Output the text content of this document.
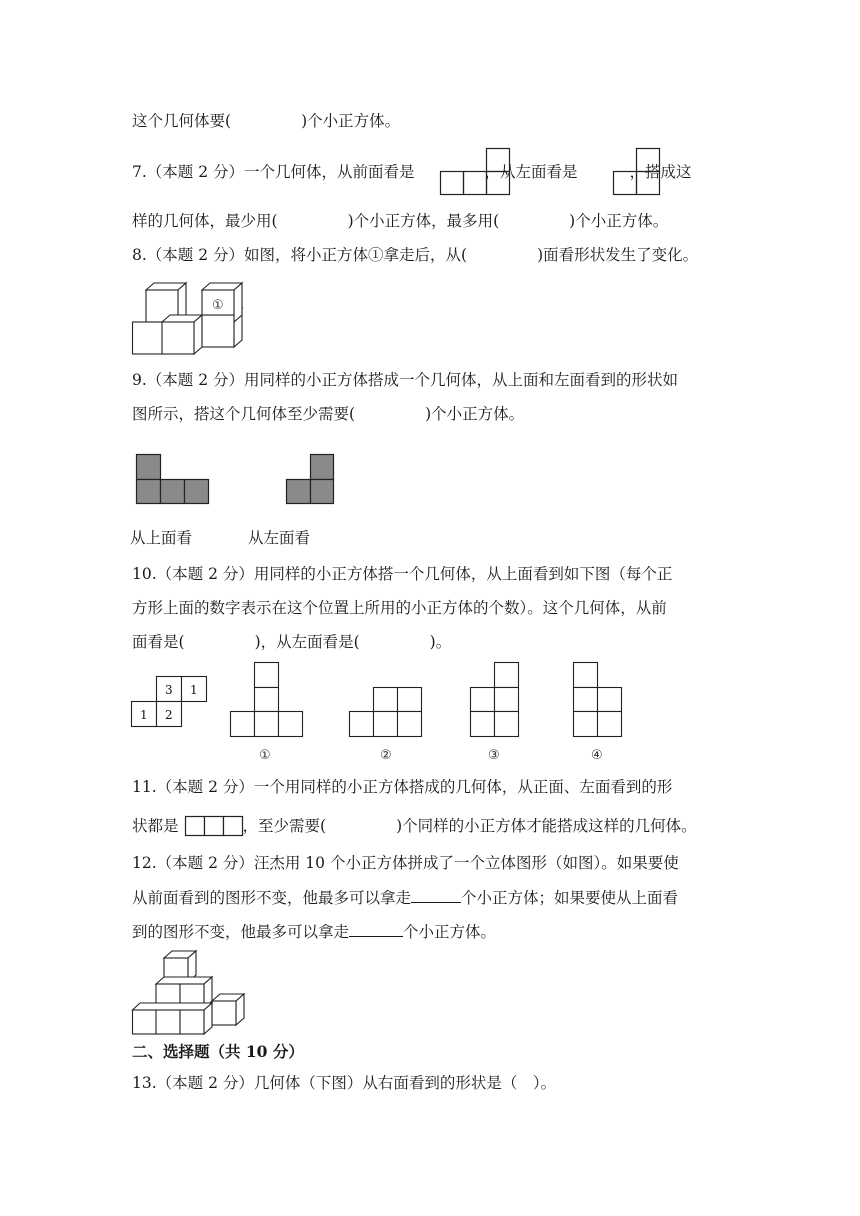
这个几何体要(	)个小正方体。
7.（本题 2 分）一个几何体，从前面看是	，从左面看是	，搭成这
样的几何体，最少用(	)个小正方体，最多用(	)个小正方体。
8.（本题 2 分）如图，将小正方体①拿走后，从(	)面看形状发生了变化。
①
9.（本题 2 分）用同样的小正方体搭成一个几何体，从上面和左面看到的形状如
图所示，搭这个几何体至少需要(	)个小正方体。
从上面看	从左面看
10.（本题 2 分）用同样的小正方体搭一个几何体，从上面看到如下图（每个正
方形上面的数字表示在这个位置上所用的小正方体的个数）。这个几何体，从前
面看是(	)，从左面看是(	)。
3 1
1 2
①	②	③	④
11.（本题 2 分）一个用同样的小正方体搭成的几何体，从正面、左面看到的形
状都是	，至少需要(	)个同样的小正方体才能搭成这样的几何体。
12.（本题 2 分）汪杰用 10 个小正方体拼成了一个立体图形（如图）。如果要使
从前面看到的图形不变，他最多可以拿走	个小正方体；如果要使从上面看
到的图形不变，他最多可以拿走	个小正方体。
二、选择题（共 10 分）
13.（本题 2 分）几何体（下图）从右面看到的形状是（　）。
